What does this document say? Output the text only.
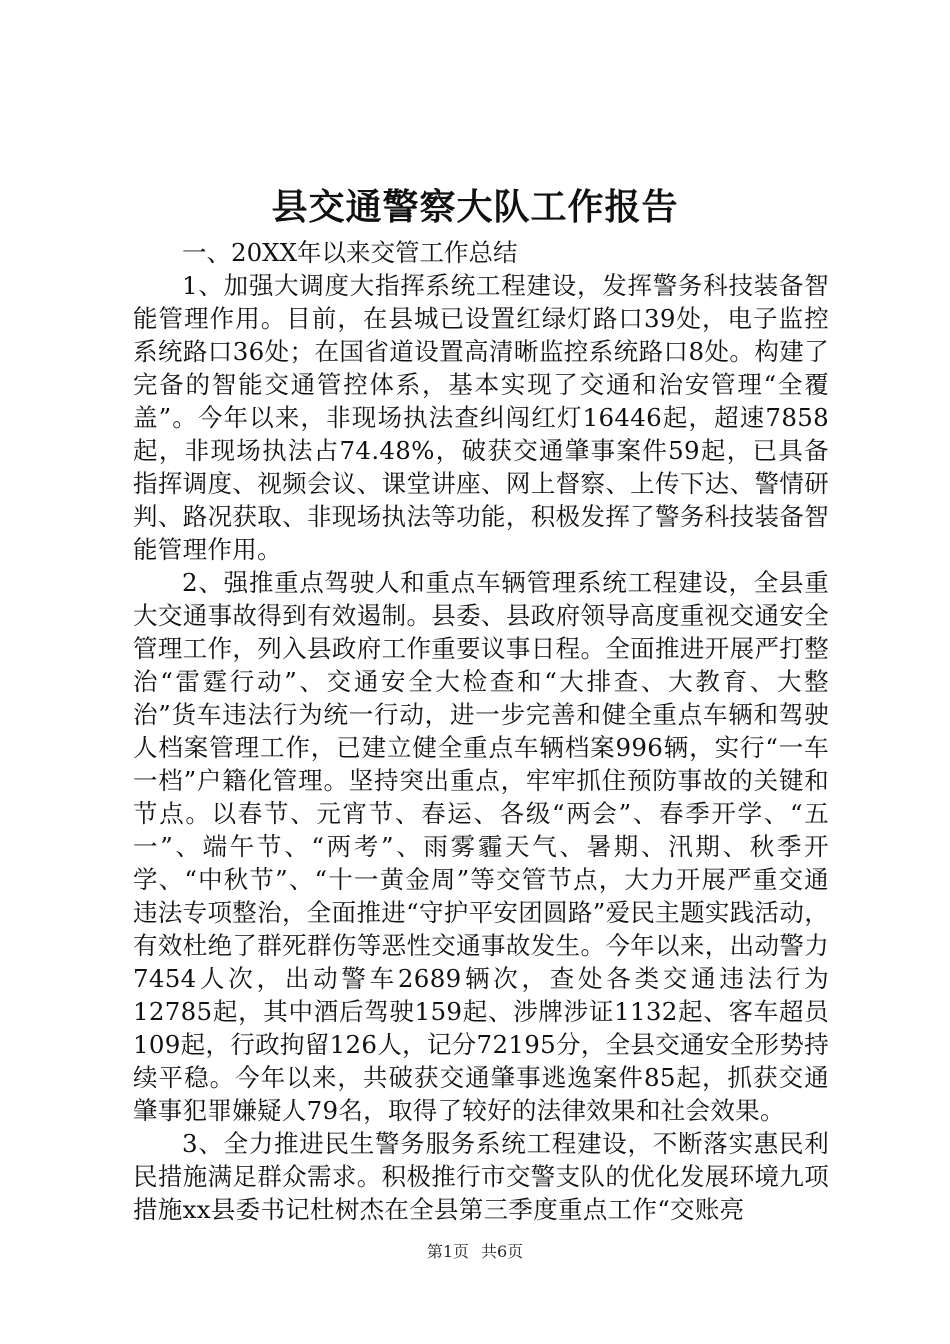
县交通警察大队工作报告

一、20XX年以来交管工作总结

1、加强大调度大指挥系统工程建设，发挥警务科技装备智能管理作用。目前，在县城已设置红绿灯路口39处，电子监控系统路口36处；在国省道设置高清晰监控系统路口8处。构建了完备的智能交通管控体系，基本实现了交通和治安管理“全覆盖”。今年以来，非现场执法查纠闯红灯16446起，超速7858起，非现场执法占74.48%，破获交通肇事案件59起，已具备指挥调度、视频会议、课堂讲座、网上督察、上传下达、警情研判、路况获取、非现场执法等功能，积极发挥了警务科技装备智能管理作用。

2、强推重点驾驶人和重点车辆管理系统工程建设，全县重大交通事故得到有效遏制。县委、县政府领导高度重视交通安全管理工作，列入县政府工作重要议事日程。全面推进开展严打整治“雷霆行动”、交通安全大检查和“大排查、大教育、大整治”货车违法行为统一行动，进一步完善和健全重点车辆和驾驶人档案管理工作，已建立健全重点车辆档案996辆，实行“一车一档”户籍化管理。坚持突出重点，牢牢抓住预防事故的关键和节点。以春节、元宵节、春运、各级“两会”、春季开学、“五一”、端午节、“两考”、雨雾霾天气、暑期、汛期、秋季开学、“中秋节”、“十一黄金周”等交管节点，大力开展严重交通违法专项整治，全面推进“守护平安团圆路”爱民主题实践活动，有效杜绝了群死群伤等恶性交通事故发生。今年以来，出动警力7454人次，出动警车2689辆次，查处各类交通违法行为12785起，其中酒后驾驶159起、涉牌涉证1132起、客车超员109起，行政拘留126人，记分72195分，全县交通安全形势持续平稳。今年以来，共破获交通肇事逃逸案件85起，抓获交通肇事犯罪嫌疑人79名，取得了较好的法律效果和社会效果。

3、全力推进民生警务服务系统工程建设，不断落实惠民利民措施满足群众需求。积极推行市交警支队的优化发展环境九项措施xx县委书记杜树杰在全县第三季度重点工作“交账亮

第1页 共6页
